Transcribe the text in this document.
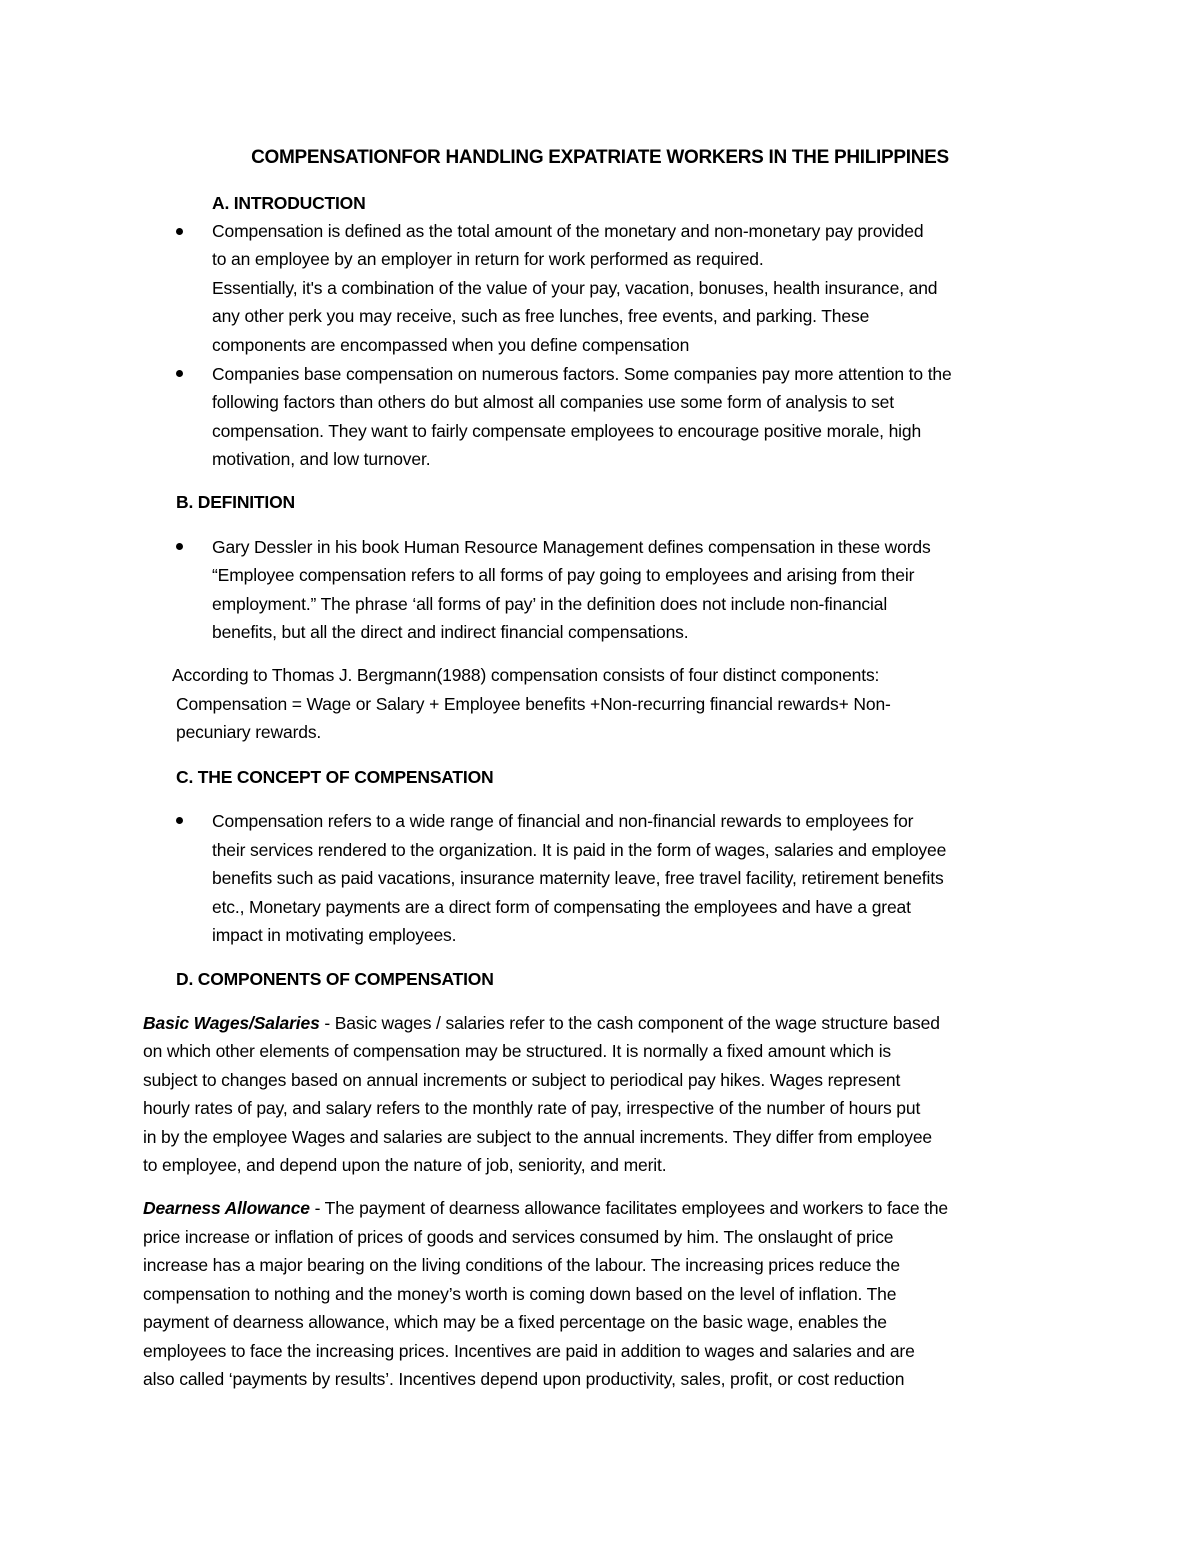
COMPENSATIONFOR HANDLING EXPATRIATE WORKERS IN THE PHILIPPINES
A. INTRODUCTION
Compensation is defined as the total amount of the monetary and non-monetary pay provided
to an employee by an employer in return for work performed as required.
Essentially, it's a combination of the value of your pay, vacation, bonuses, health insurance, and
any other perk you may receive, such as free lunches, free events, and parking. These
components are encompassed when you define compensation
Companies base compensation on numerous factors. Some companies pay more attention to the
following factors than others do but almost all companies use some form of analysis to set
compensation. They want to fairly compensate employees to encourage positive morale, high
motivation, and low turnover.
B. DEFINITION
Gary Dessler in his book Human Resource Management defines compensation in these words
“Employee compensation refers to all forms of pay going to employees and arising from their
employment.” The phrase ‘all forms of pay’ in the definition does not include non-financial
benefits, but all the direct and indirect financial compensations.
According to Thomas J. Bergmann(1988) compensation consists of four distinct components:
Compensation = Wage or Salary + Employee benefits +Non-recurring financial rewards+ Non-
pecuniary rewards.
C. THE CONCEPT OF COMPENSATION
Compensation refers to a wide range of financial and non-financial rewards to employees for
their services rendered to the organization. It is paid in the form of wages, salaries and employee
benefits such as paid vacations, insurance maternity leave, free travel facility, retirement benefits
etc., Monetary payments are a direct form of compensating the employees and have a great
impact in motivating employees.
D. COMPONENTS OF COMPENSATION
Basic Wages/Salaries - Basic wages / salaries refer to the cash component of the wage structure based
on which other elements of compensation may be structured. It is normally a fixed amount which is
subject to changes based on annual increments or subject to periodical pay hikes. Wages represent
hourly rates of pay, and salary refers to the monthly rate of pay, irrespective of the number of hours put
in by the employee Wages and salaries are subject to the annual increments. They differ from employee
to employee, and depend upon the nature of job, seniority, and merit.
Dearness Allowance - The payment of dearness allowance facilitates employees and workers to face the
price increase or inflation of prices of goods and services consumed by him. The onslaught of price
increase has a major bearing on the living conditions of the labour. The increasing prices reduce the
compensation to nothing and the money’s worth is coming down based on the level of inflation. The
payment of dearness allowance, which may be a fixed percentage on the basic wage, enables the
employees to face the increasing prices. Incentives are paid in addition to wages and salaries and are
also called ‘payments by results’. Incentives depend upon productivity, sales, profit, or cost reduction
